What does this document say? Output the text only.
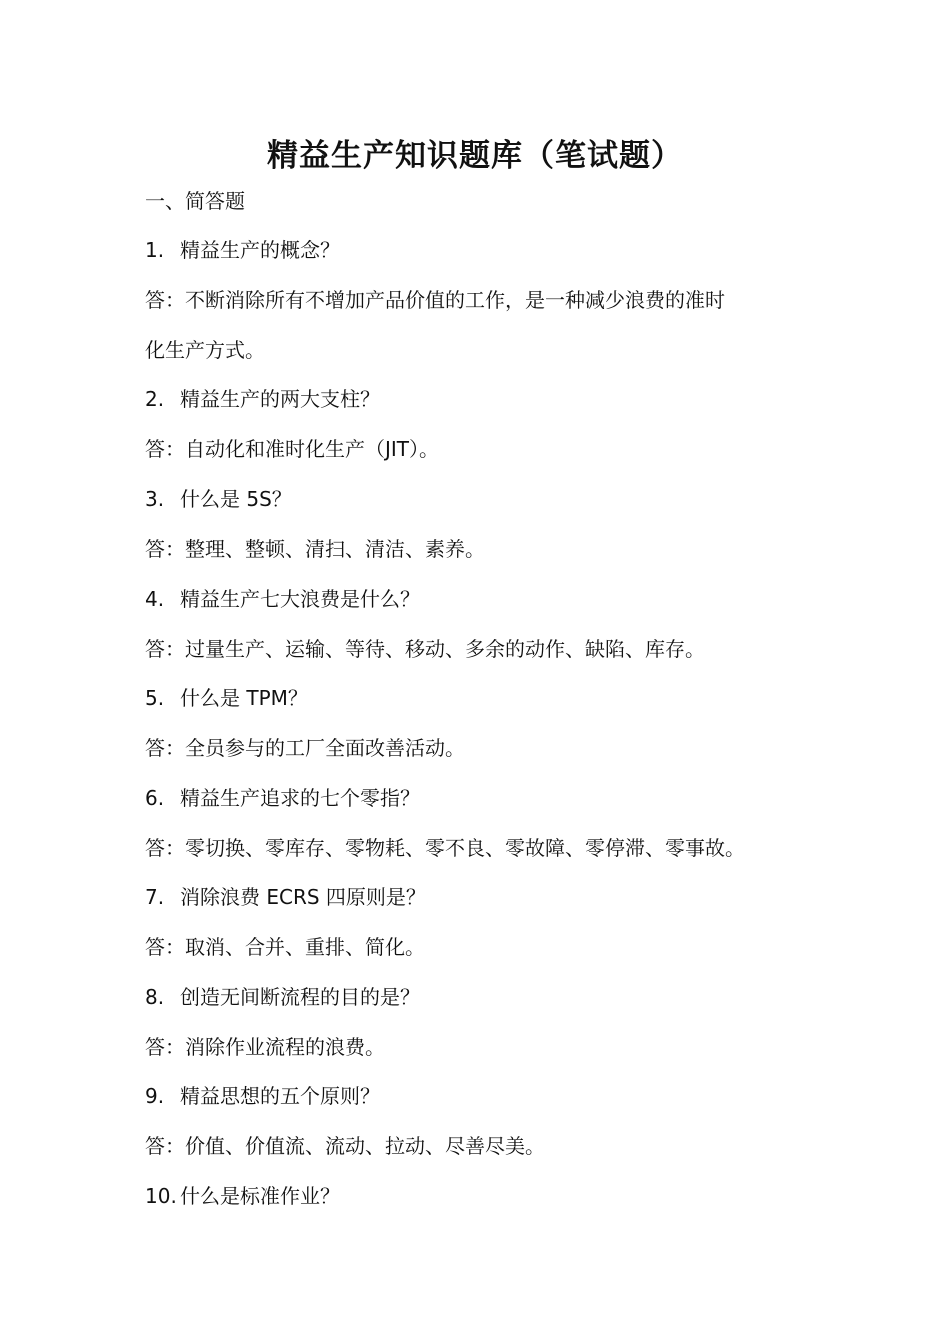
精益生产知识题库（笔试题）

一、简答题

1. 精益生产的概念？

答：不断消除所有不增加产品价值的工作，是一种减少浪费的准时

化生产方式。

2. 精益生产的两大支柱？

答：自动化和准时化生产（JIT）。

3. 什么是 5S？

答：整理、整顿、清扫、清洁、素养。

4. 精益生产七大浪费是什么？

答：过量生产、运输、等待、移动、多余的动作、缺陷、库存。

5. 什么是 TPM？

答：全员参与的工厂全面改善活动。

6. 精益生产追求的七个零指？

答：零切换、零库存、零物耗、零不良、零故障、零停滞、零事故。

7. 消除浪费 ECRS 四原则是？

答：取消、合并、重排、简化。

8. 创造无间断流程的目的是？

答：消除作业流程的浪费。

9. 精益思想的五个原则？

答：价值、价值流、流动、拉动、尽善尽美。

10. 什么是标准作业？
